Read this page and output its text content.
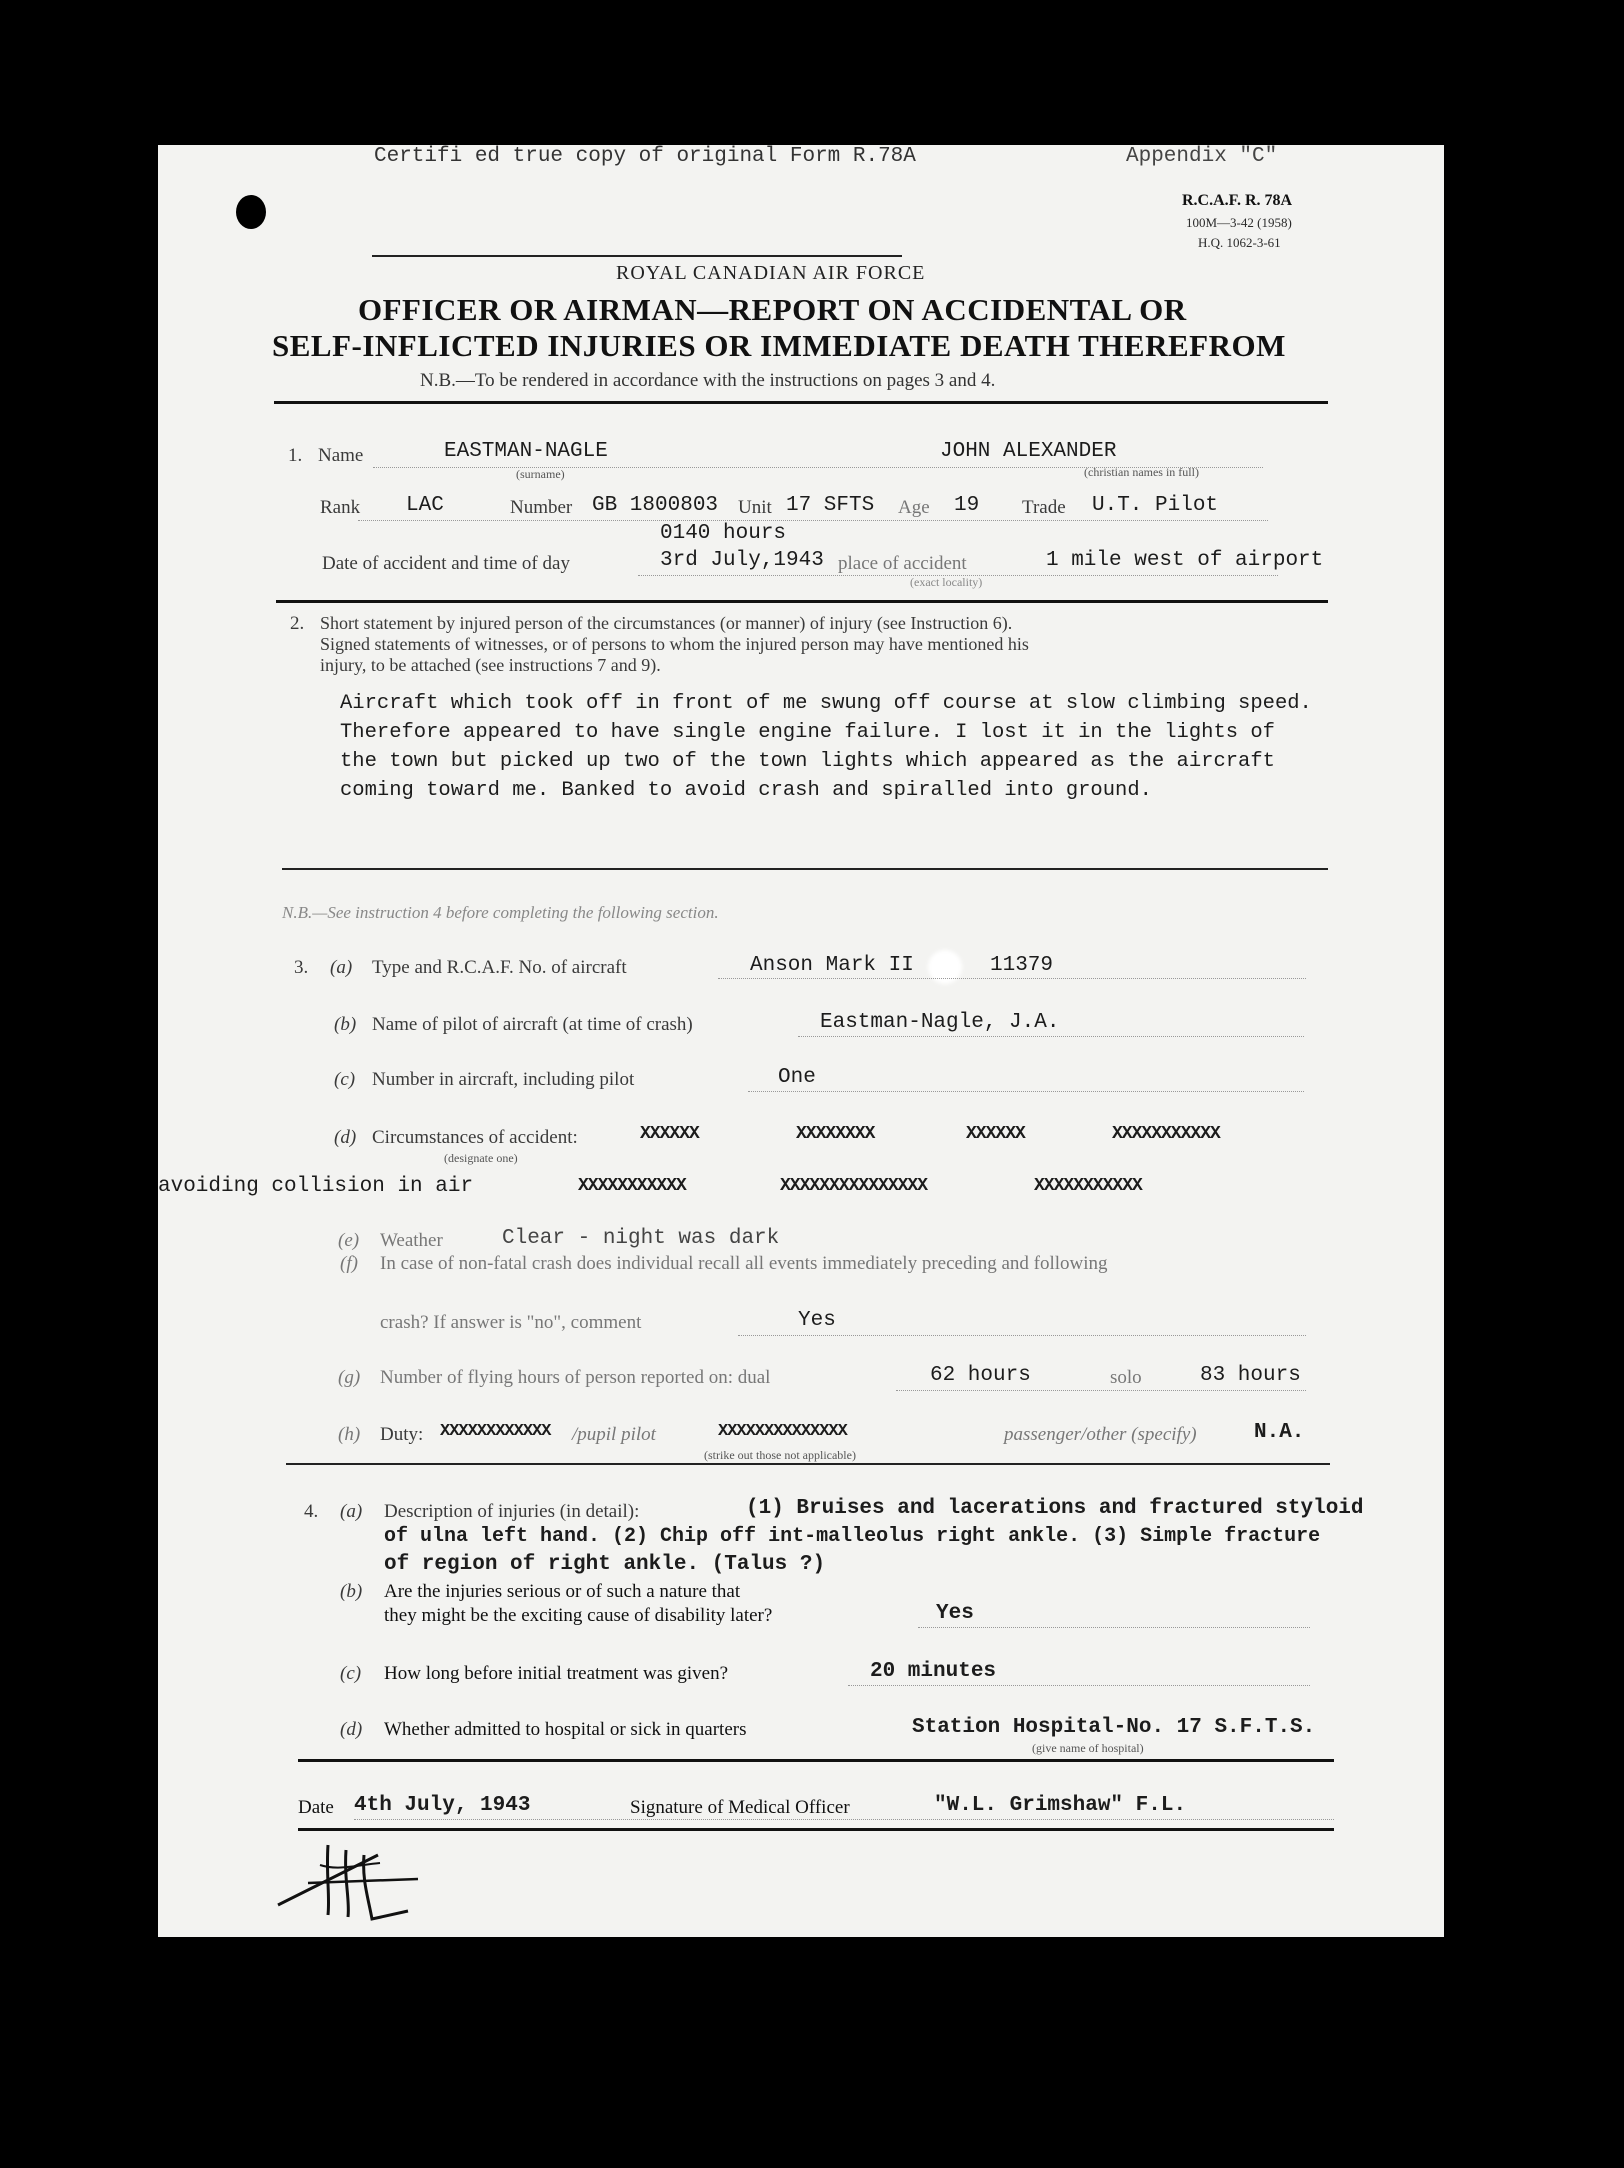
Certifi ed true copy of original Form R.78A	Appendix "C"
R.C.A.F. R. 78A
100M—3-42 (1958)
H.Q. 1062-3-61
ROYAL CANADIAN AIR FORCE
OFFICER OR AIRMAN—REPORT ON ACCIDENTAL OR
SELF-INFLICTED INJURIES OR IMMEDIATE DEATH THEREFROM
N.B.—To be rendered in accordance with the instructions on pages 3 and 4.
1. Name	EASTMAN-NAGLE
(surname)
JOHN ALEXANDER
(christian names in full)
Rank LAC	Number GB 1800803 Unit 17 SFTS Age 19 Trade U.T. Pilot
0140 hours
Date of accident and time of day	3rd July,1943 place of accident	1 mile west of airport
(exact locality)
2. Short statement by injured person of the circumstances (or manner) of injury (see Instruction 6).
Signed statements of witnesses, or of persons to whom the injured person may have mentioned his
injury, to be attached (see instructions 7 and 9).
Aircraft which took off in front of me swung off course at slow climbing speed.
Therefore appeared to have single engine failure. I lost it in the lights of
the town but picked up two of the town lights which appeared as the aircraft
coming toward me. Banked to avoid crash and spiralled into ground.
N.B.—See instruction 4 before completing the following section.
3. (a) Type and R.C.A.F. No. of aircraft	Anson Mark II	11379
(b) Name of pilot of aircraft (at time of crash)	Eastman-Nagle, J.A.
(c) Number in aircraft, including pilot	One
(d) Circumstances of accident:
(designate one)
XXXXXX	XXXXXXXX	XXXXXX	XXXXXXXXXXX
avoiding collision in air	XXXXXXXXXXX	XXXXXXXXXXXXXXX	XXXXXXXXXXX
(e) Weather	Clear - night was dark
(f) In case of non-fatal crash does individual recall all events immediately preceding and following
crash? If answer is "no", comment	Yes
(g) Number of flying hours of person reported on: dual	62 hours	solo	83 hours
(h) Duty: XXXXXXXXXXXX /pupil pilot	XXXXXXXXXXXXXX
(strike out those not applicable)
passenger/other (specify)	N.A.
4. (a) Description of injuries (in detail):	(1) Bruises and lacerations and fractured styloid
of ulna left hand. (2) Chip off int-malleolus right ankle. (3) Simple fracture
of region of right ankle. (Talus ?)
(b) Are the injuries serious or of such a nature that
they might be the exciting cause of disability later?	Yes
(c) How long before initial treatment was given?	20 minutes
(d) Whether admitted to hospital or sick in quarters	Station Hospital-No. 17 S.F.T.S.
(give name of hospital)
Date 4th July, 1943	Signature of Medical Officer	"W.L. Grimshaw" F.L.
